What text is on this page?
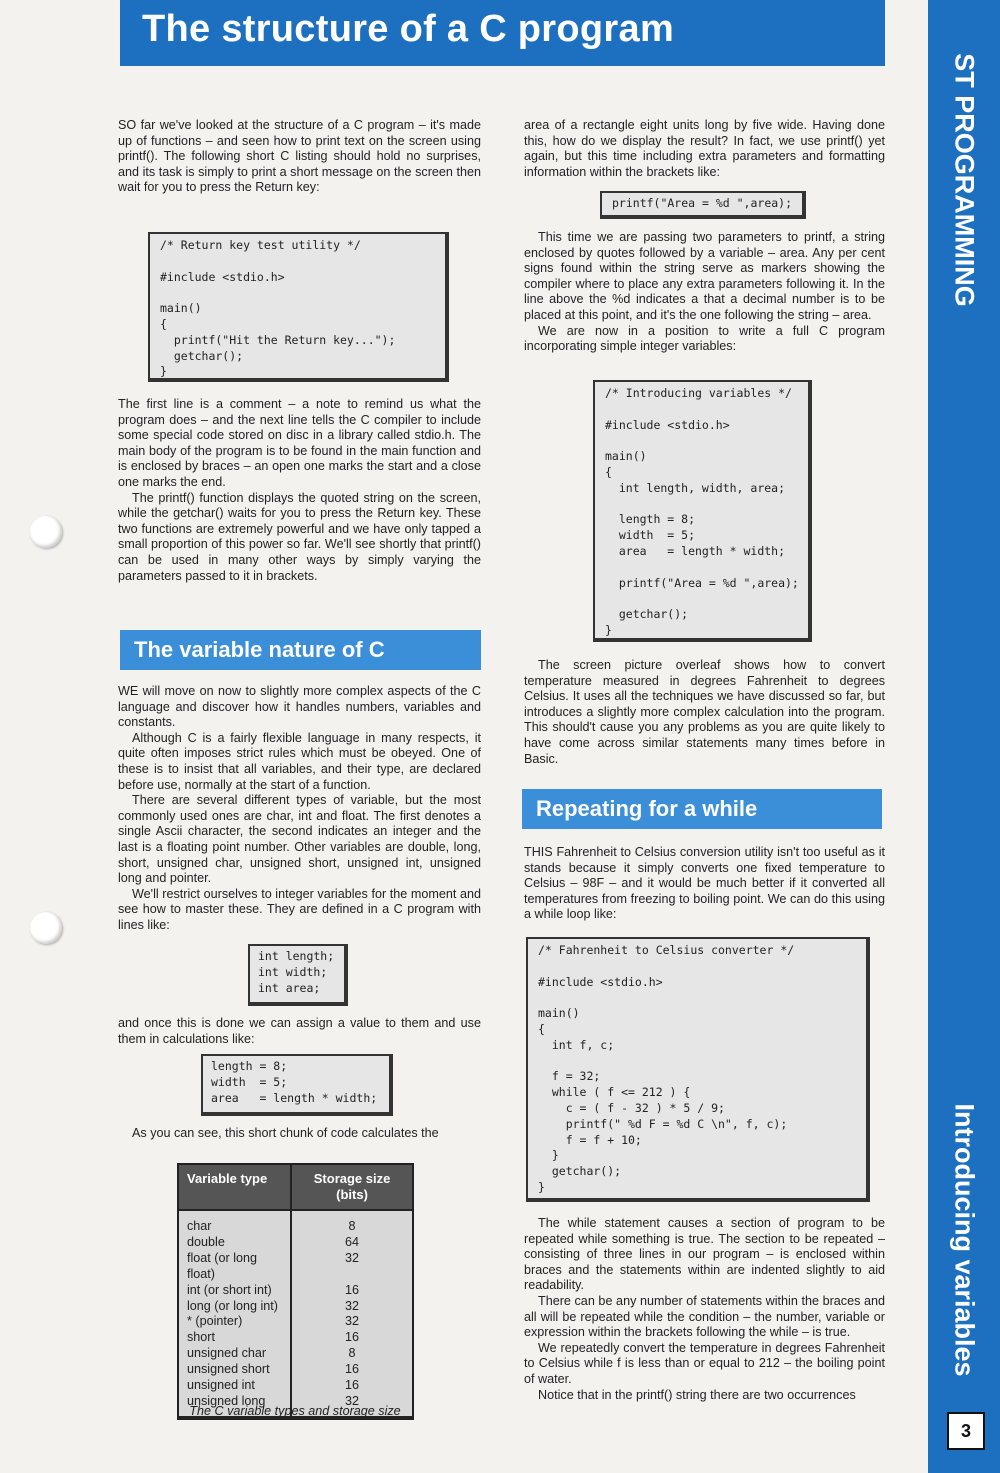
The structure of a C program
ST PROGRAMMING
Introducing variables
3

SO far we've looked at the structure of a C program – it's made up of functions – and seen how to print text on the screen using printf(). The following short C listing should hold no surprises, and its task is simply to print a short message on the screen then wait for you to press the Return key:

/* Return key test utility */

#include <stdio.h>

main()
{
printf("Hit the Return key...");
getchar();
}

The first line is a comment – a note to remind us what the program does – and the next line tells the C compiler to include some special code stored on disc in a library called stdio.h. The main body of the program is to be found in the main function and is enclosed by braces – an open one marks the start and a close one marks the end.

The printf() function displays the quoted string on the screen, while the getchar() waits for you to press the Return key. These two functions are extremely powerful and we have only tapped a small proportion of this power so far. We'll see shortly that printf() can be used in many other ways by simply varying the parameters passed to it in brackets.

The variable nature of C

WE will move on now to slightly more complex aspects of the C language and discover how it handles numbers, variables and constants.

Although C is a fairly flexible language in many respects, it quite often imposes strict rules which must be obeyed. One of these is to insist that all variables, and their type, are declared before use, normally at the start of a function.

There are several different types of variable, but the most commonly used ones are char, int and float. The first denotes a single Ascii character, the second indicates an integer and the last is a floating point number. Other variables are double, long, short, unsigned char, unsigned short, unsigned int, unsigned long and pointer.

We'll restrict ourselves to integer variables for the moment and see how to master these. They are defined in a C program with lines like:

int length;
int width;
int area;

and once this is done we can assign a value to them and use them in calculations like:

length = 8;
width  = 5;
area   = length * width;

As you can see, this short chunk of code calculates the

Variable type	Storage size (bits)
char	8
double	64
float (or long float)	32
int (or short int)	16
long (or long int)	32
* (pointer)	32
short	16
unsigned char	8
unsigned short	16
unsigned int	16
unsigned long	32
The C variable types and storage size

area of a rectangle eight units long by five wide. Having done this, how do we display the result? In fact, we use printf() yet again, but this time including extra parameters and formatting information within the brackets like:

printf("Area = %d ",area);

This time we are passing two parameters to printf, a string enclosed by quotes followed by a variable – area. Any per cent signs found within the string serve as markers showing the compiler where to place any extra parameters following it. In the line above the %d indicates a that a decimal number is to be placed at this point, and it's the one following the string – area.

We are now in a position to write a full C program incorporating simple integer variables:

/* Introducing variables */

#include <stdio.h>

main()
{
int length, width, area;

length = 8;
width  = 5;
area   = length * width;

printf("Area = %d ",area);

getchar();
}

The screen picture overleaf shows how to convert temperature measured in degrees Fahrenheit to degrees Celsius. It uses all the techniques we have discussed so far, but introduces a slightly more complex calculation into the program. This should't cause you any problems as you are quite likely to have come across similar statements many times before in Basic.

Repeating for a while

THIS Fahrenheit to Celsius conversion utility isn't too useful as it stands because it simply converts one fixed temperature to Celsius – 98F – and it would be much better if it converted all temperatures from freezing to boiling point. We can do this using a while loop like:

/* Fahrenheit to Celsius converter */

#include <stdio.h>

main()
{
int f, c;

f = 32;
while ( f <= 212 ) {
c = ( f - 32 ) * 5 / 9;
printf(" %d F = %d C \n", f, c);
f = f + 10;
}
getchar();
}

The while statement causes a section of program to be repeated while something is true. The section to be repeated – consisting of three lines in our program – is enclosed within braces and the statements within are indented slightly to aid readability.

There can be any number of statements within the braces and all will be repeated while the condition – the number, variable or expression within the brackets following the while – is true.

We repeatedly convert the temperature in degrees Fahrenheit to Celsius while f is less than or equal to 212 – the boiling point of water.

Notice that in the printf() string there are two occurrences
